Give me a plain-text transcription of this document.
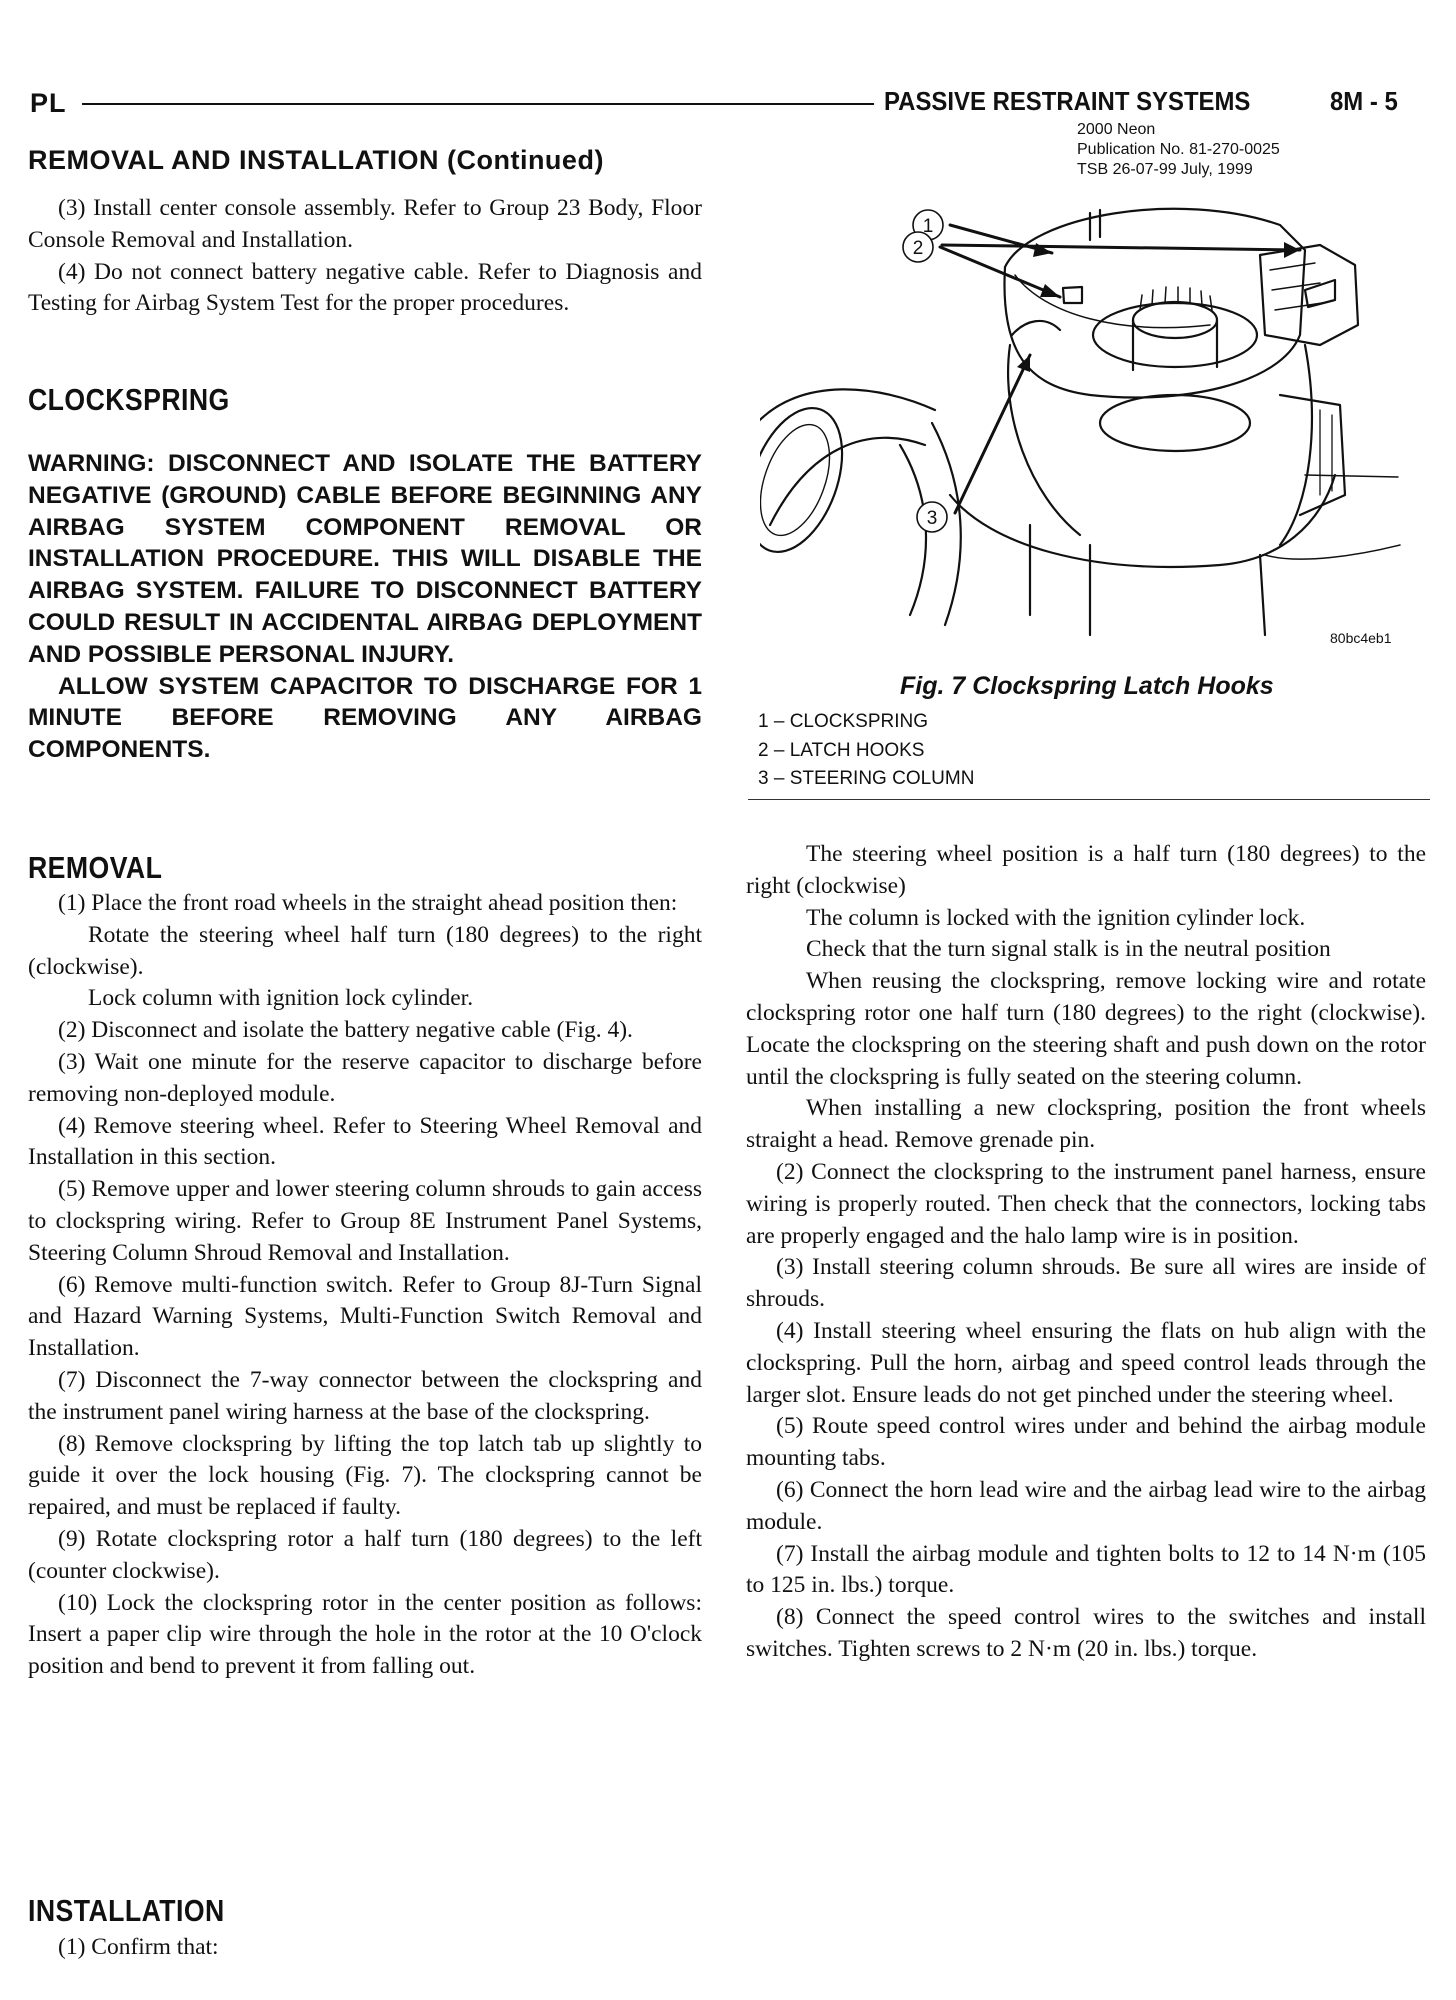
PL	PASSIVE RESTRAINT SYSTEMS	8M - 5
2000 Neon
Publication No. 81-270-0025
TSB 26-07-99 July, 1999
REMOVAL AND INSTALLATION (Continued)

(3) Install center console assembly. Refer to Group 23 Body, Floor Console Removal and Installation.

(4) Do not connect battery negative cable. Refer to Diagnosis and Testing for Airbag System Test for the proper procedures.

CLOCKSPRING

WARNING: DISCONNECT AND ISOLATE THE BATTERY NEGATIVE (GROUND) CABLE BEFORE BEGINNING ANY AIRBAG SYSTEM COMPONENT REMOVAL OR INSTALLATION PROCEDURE. THIS WILL DISABLE THE AIRBAG SYSTEM. FAILURE TO DISCONNECT BATTERY COULD RESULT IN ACCIDENTAL AIRBAG DEPLOYMENT AND POSSIBLE PERSONAL INJURY.

ALLOW SYSTEM CAPACITOR TO DISCHARGE FOR 1 MINUTE BEFORE REMOVING ANY AIRBAG COMPONENTS.

REMOVAL

(1) Place the front road wheels in the straight ahead position then:

Rotate the steering wheel half turn (180 degrees) to the right (clockwise).

Lock column with ignition lock cylinder.

(2) Disconnect and isolate the battery negative cable (Fig. 4).

(3) Wait one minute for the reserve capacitor to discharge before removing non-deployed module.

(4) Remove steering wheel. Refer to Steering Wheel Removal and Installation in this section.

(5) Remove upper and lower steering column shrouds to gain access to clockspring wiring. Refer to Group 8E Instrument Panel Systems, Steering Column Shroud Removal and Installation.

(6) Remove multi-function switch. Refer to Group 8J-Turn Signal and Hazard Warning Systems, Multi-Function Switch Removal and Installation.

(7) Disconnect the 7-way connector between the clockspring and the instrument panel wiring harness at the base of the clockspring.

(8) Remove clockspring by lifting the top latch tab up slightly to guide it over the lock housing (Fig. 7). The clockspring cannot be repaired, and must be replaced if faulty.

(9) Rotate clockspring rotor a half turn (180 degrees) to the left (counter clockwise).

(10) Lock the clockspring rotor in the center position as follows: Insert a paper clip wire through the hole in the rotor at the 10 O'clock position and bend to prevent it from falling out.

INSTALLATION

(1) Confirm that:

1
2
3
80bc4eb1
Fig. 7 Clockspring Latch Hooks
1 – CLOCKSPRING
2 – LATCH HOOKS
3 – STEERING COLUMN

The steering wheel position is a half turn (180 degrees) to the right (clockwise)

The column is locked with the ignition cylinder lock.

Check that the turn signal stalk is in the neutral position

When reusing the clockspring, remove locking wire and rotate clockspring rotor one half turn (180 degrees) to the right (clockwise). Locate the clockspring on the steering shaft and push down on the rotor until the clockspring is fully seated on the steering column.

When installing a new clockspring, position the front wheels straight a head. Remove grenade pin.

(2) Connect the clockspring to the instrument panel harness, ensure wiring is properly routed. Then check that the connectors, locking tabs are properly engaged and the halo lamp wire is in position.

(3) Install steering column shrouds. Be sure all wires are inside of shrouds.

(4) Install steering wheel ensuring the flats on hub align with the clockspring. Pull the horn, airbag and speed control leads through the larger slot. Ensure leads do not get pinched under the steering wheel.

(5) Route speed control wires under and behind the airbag module mounting tabs.

(6) Connect the horn lead wire and the airbag lead wire to the airbag module.

(7) Install the airbag module and tighten bolts to 12 to 14 N·m (105 to 125 in. lbs.) torque.

(8) Connect the speed control wires to the switches and install switches. Tighten screws to 2 N·m (20 in. lbs.) torque.
